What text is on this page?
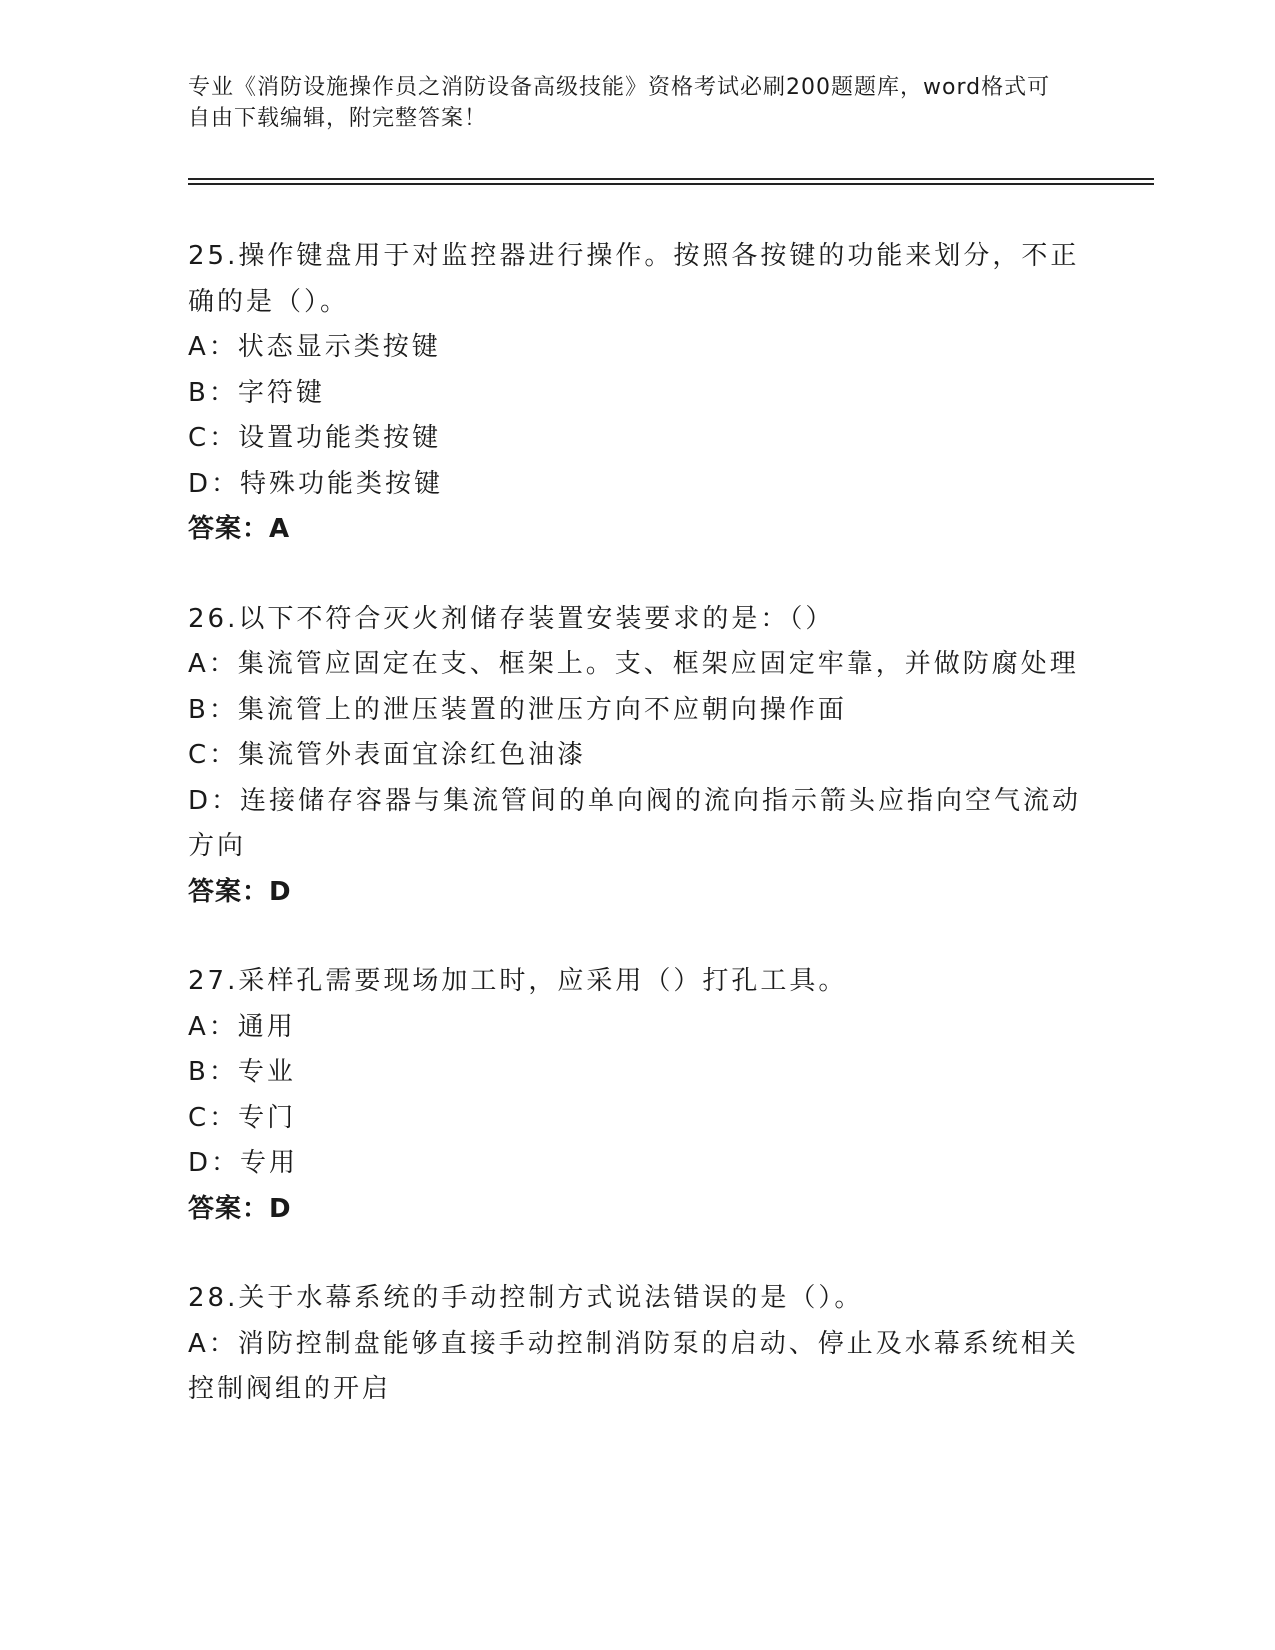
专业《消防设施操作员之消防设备高级技能》资格考试必刷200题题库，word格式可自由下载编辑，附完整答案！
25.操作键盘用于对监控器进行操作。按照各按键的功能来划分，不正
确的是（）。
A：状态显示类按键
B：字符键
C：设置功能类按键
D：特殊功能类按键
答案：A
26.以下不符合灭火剂储存装置安装要求的是：（）
A：集流管应固定在支、框架上。支、框架应固定牢靠，并做防腐处理
B：集流管上的泄压装置的泄压方向不应朝向操作面
C：集流管外表面宜涂红色油漆
D：连接储存容器与集流管间的单向阀的流向指示箭头应指向空气流动
方向
答案：D
27.采样孔需要现场加工时，应采用（）打孔工具。
A：通用
B：专业
C：专门
D：专用
答案：D
28.关于水幕系统的手动控制方式说法错误的是（）。
A：消防控制盘能够直接手动控制消防泵的启动、停止及水幕系统相关
控制阀组的开启
